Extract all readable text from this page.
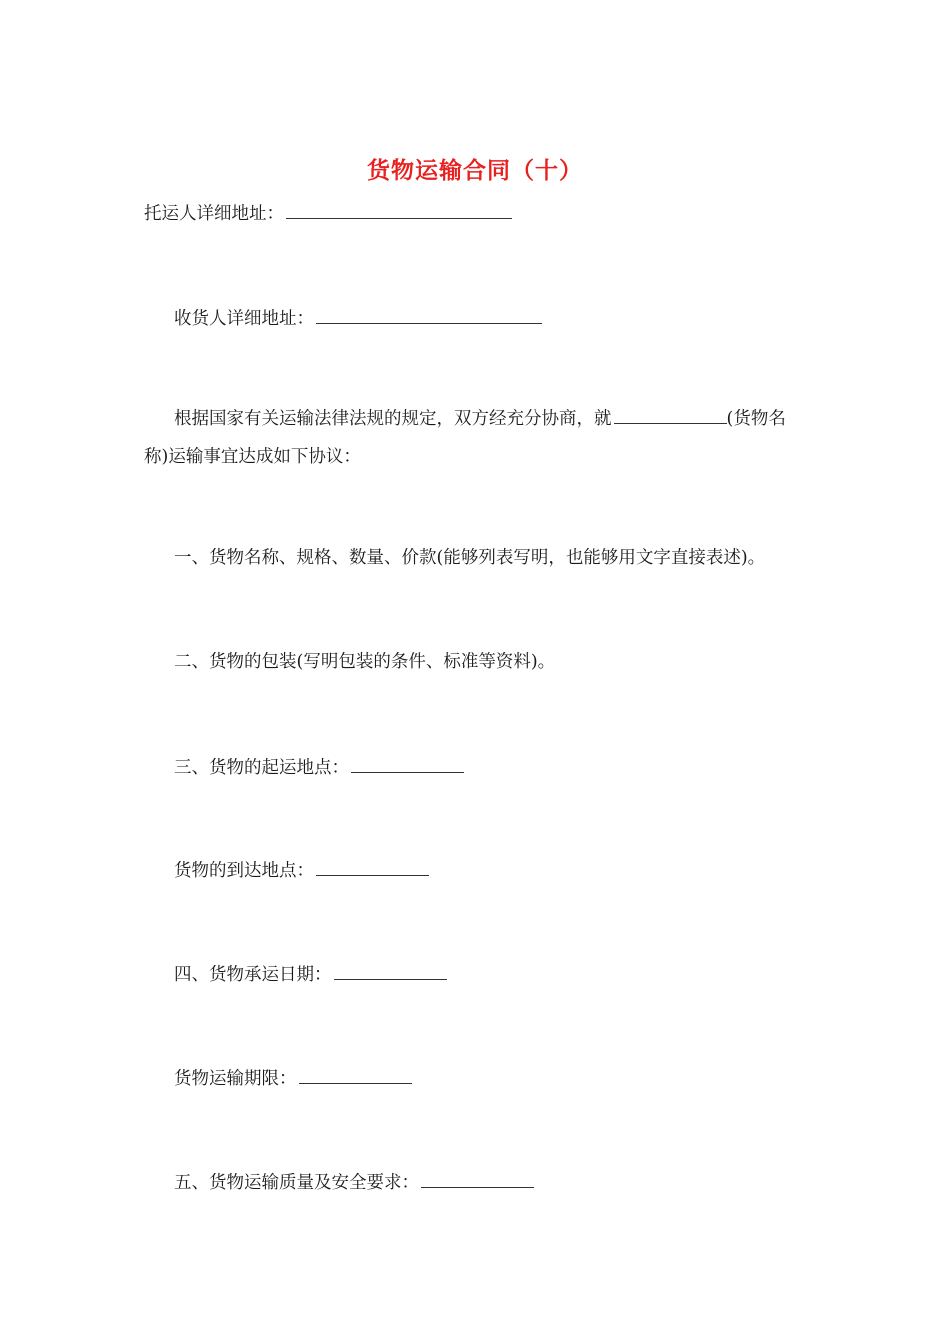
货物运输合同（十）
托运人详细地址：
收货人详细地址：
根据国家有关运输法律法规的规定，双方经充分协商，就	(货物名称)运输事宜达成如下协议：
一、货物名称、规格、数量、价款(能够列表写明，也能够用文字直接表述)。
二、货物的包装(写明包装的条件、标准等资料)。
三、货物的起运地点：
货物的到达地点：
四、货物承运日期：
货物运输期限：
五、货物运输质量及安全要求：
